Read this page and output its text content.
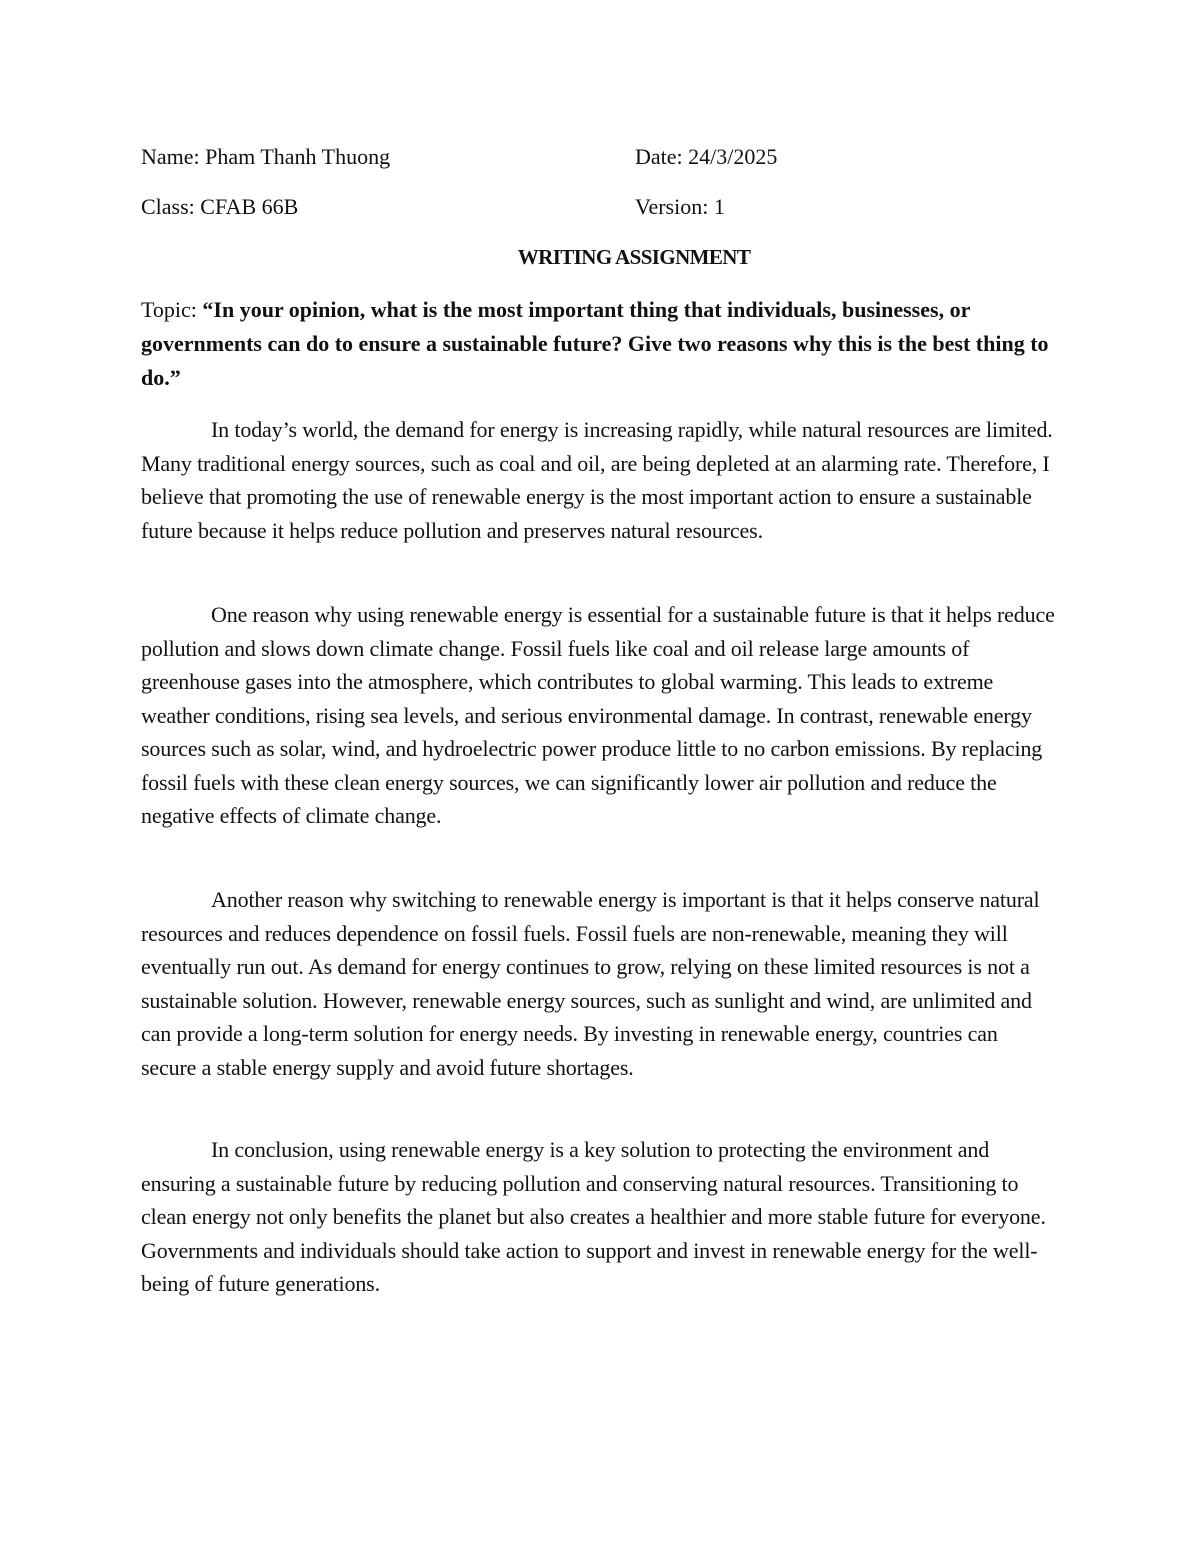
Name: Pham Thanh Thuong	Date: 24/3/2025
Class: CFAB 66B	Version: 1
WRITING ASSIGNMENT

Topic: “In your opinion, what is the most important thing that individuals, businesses, or governments can do to ensure a sustainable future? Give two reasons why this is the best thing to do.”

In today’s world, the demand for energy is increasing rapidly, while natural resources are limited. Many traditional energy sources, such as coal and oil, are being depleted at an alarming rate. Therefore, I believe that promoting the use of renewable energy is the most important action to ensure a sustainable future because it helps reduce pollution and preserves natural resources.

One reason why using renewable energy is essential for a sustainable future is that it helps reduce pollution and slows down climate change. Fossil fuels like coal and oil release large amounts of greenhouse gases into the atmosphere, which contributes to global warming. This leads to extreme weather conditions, rising sea levels, and serious environmental damage. In contrast, renewable energy sources such as solar, wind, and hydroelectric power produce little to no carbon emissions. By replacing fossil fuels with these clean energy sources, we can significantly lower air pollution and reduce the negative effects of climate change.

Another reason why switching to renewable energy is important is that it helps conserve natural resources and reduces dependence on fossil fuels. Fossil fuels are non-renewable, meaning they will eventually run out. As demand for energy continues to grow, relying on these limited resources is not a sustainable solution. However, renewable energy sources, such as sunlight and wind, are unlimited and can provide a long-term solution for energy needs. By investing in renewable energy, countries can secure a stable energy supply and avoid future shortages.

In conclusion, using renewable energy is a key solution to protecting the environment and ensuring a sustainable future by reducing pollution and conserving natural resources. Transitioning to clean energy not only benefits the planet but also creates a healthier and more stable future for everyone. Governments and individuals should take action to support and invest in renewable energy for the well-being of future generations.
